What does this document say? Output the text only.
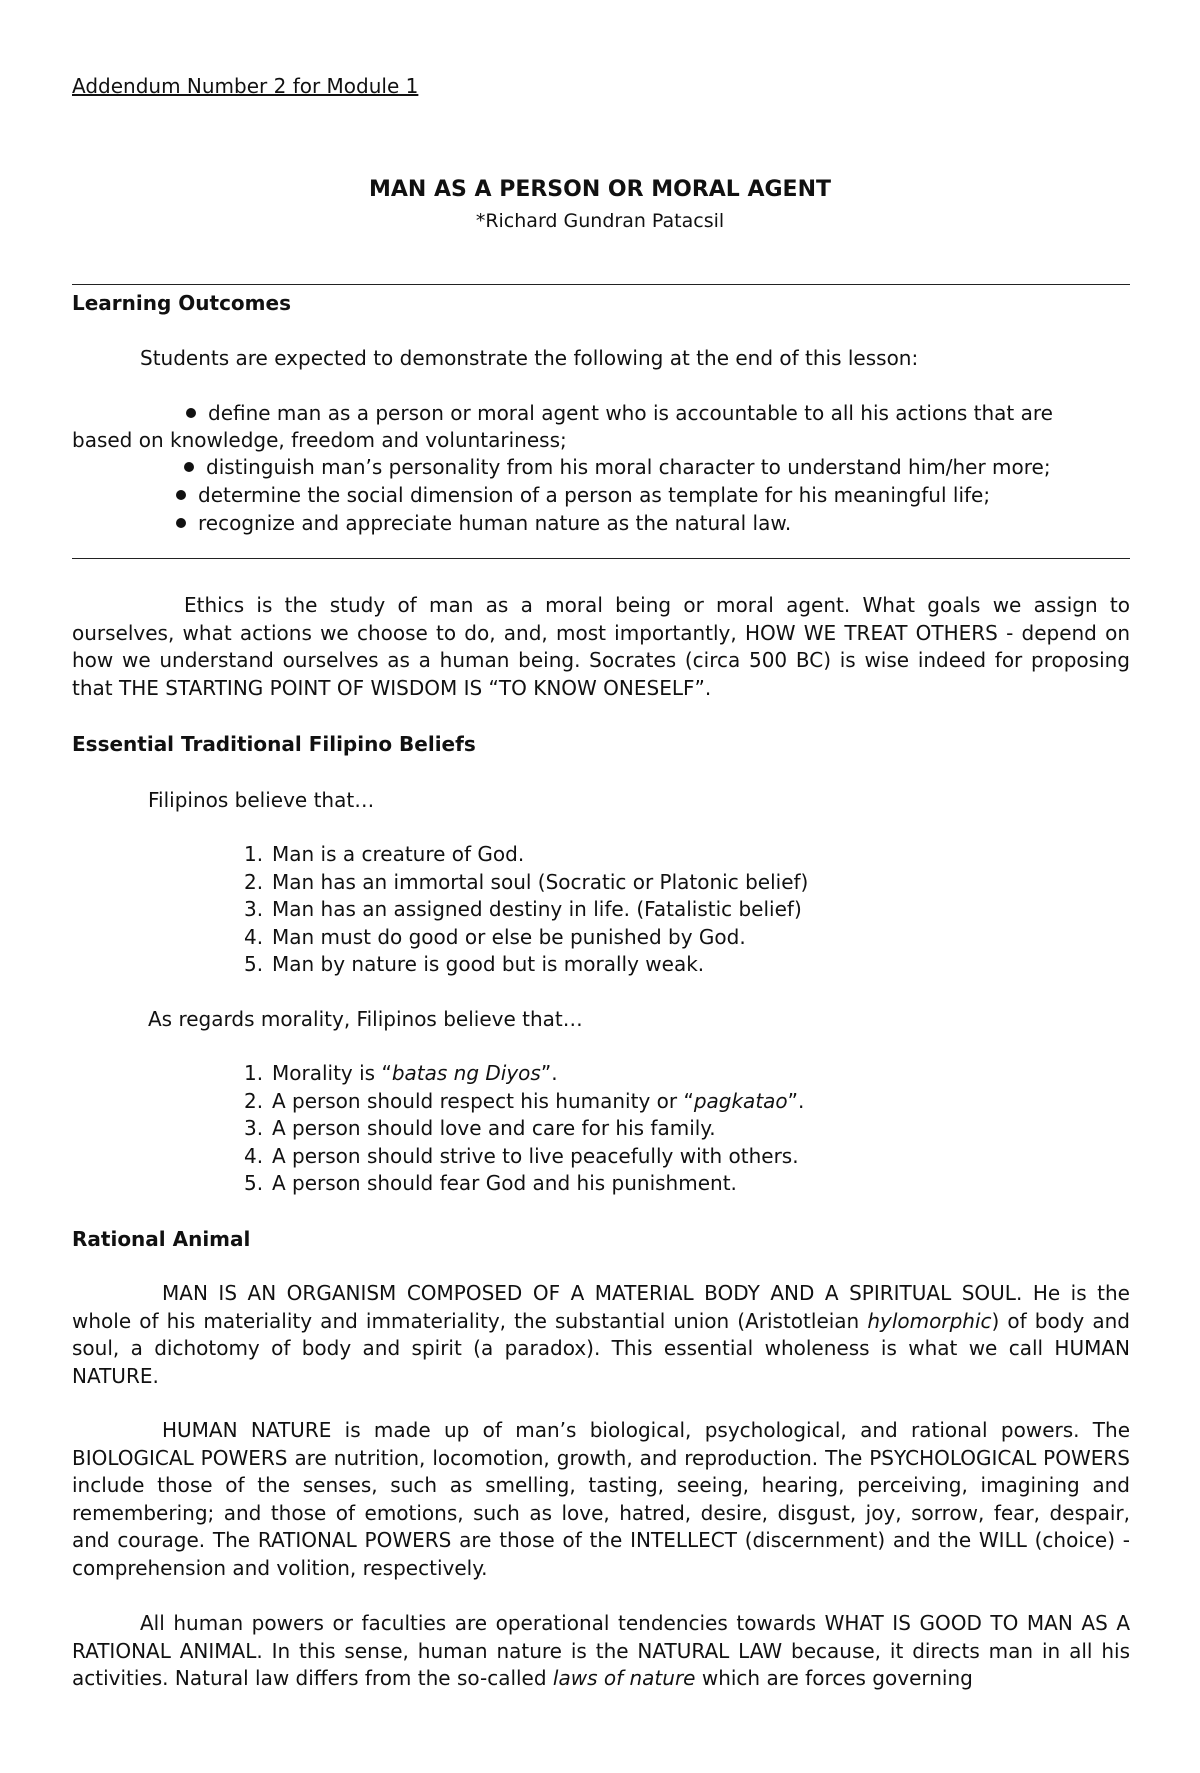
Addendum Number 2 for Module 1
MAN AS A PERSON OR MORAL AGENT
*Richard Gundran Patacsil
Learning Outcomes
Students are expected to demonstrate the following at the end of this lesson:
define man as a person or moral agent who is accountable to all his actions that are
based on knowledge, freedom and voluntariness;
distinguish man’s personality from his moral character to understand him/her more;
determine the social dimension of a person as template for his meaningful life;
recognize and appreciate human nature as the natural law.
Ethics is the study of man as a moral being or moral agent. What goals we assign to ourselves, what actions we choose to do, and, most importantly, HOW WE TREAT OTHERS - depend on how we understand ourselves as a human being. Socrates (circa 500 BC) is wise indeed for proposing that THE STARTING POINT OF WISDOM IS “TO KNOW ONESELF”.
Essential Traditional Filipino Beliefs
Filipinos believe that…
1. Man is a creature of God.
2. Man has an immortal soul (Socratic or Platonic belief)
3. Man has an assigned destiny in life. (Fatalistic belief)
4. Man must do good or else be punished by God.
5. Man by nature is good but is morally weak.
As regards morality, Filipinos believe that…
1. Morality is “batas ng Diyos”.
2. A person should respect his humanity or “pagkatao”.
3. A person should love and care for his family.
4. A person should strive to live peacefully with others.
5. A person should fear God and his punishment.
Rational Animal
MAN IS AN ORGANISM COMPOSED OF A MATERIAL BODY AND A SPIRITUAL SOUL. He is the whole of his materiality and immateriality, the substantial union (Aristotleian hylomorphic) of body and soul, a dichotomy of body and spirit (a paradox). This essential wholeness is what we call HUMAN NATURE.
HUMAN NATURE is made up of man’s biological, psychological, and rational powers. The BIOLOGICAL POWERS are nutrition, locomotion, growth, and reproduction. The PSYCHOLOGICAL POWERS include those of the senses, such as smelling, tasting, seeing, hearing, perceiving, imagining and remembering; and those of emotions, such as love, hatred, desire, disgust, joy, sorrow, fear, despair, and courage. The RATIONAL POWERS are those of the INTELLECT (discernment) and the WILL (choice) - comprehension and volition, respectively.
All human powers or faculties are operational tendencies towards WHAT IS GOOD TO MAN AS A RATIONAL ANIMAL. In this sense, human nature is the NATURAL LAW because, it directs man in all his activities. Natural law differs from the so-called laws of nature which are forces governing
